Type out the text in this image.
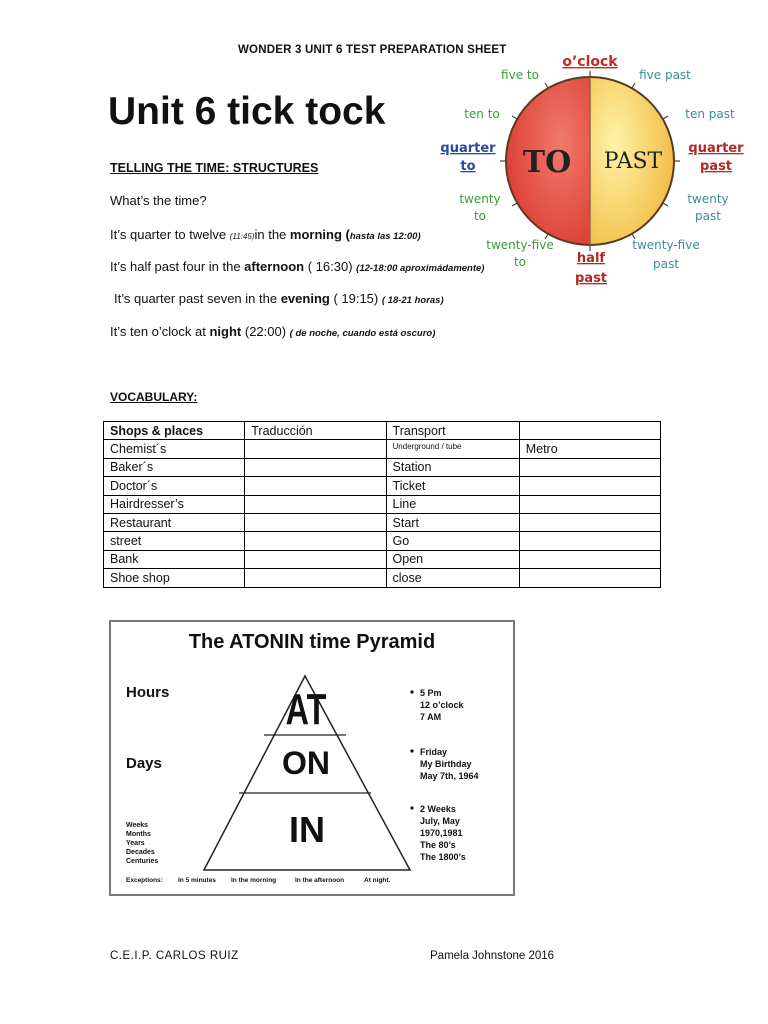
WONDER 3 UNIT 6 TEST PREPARATION SHEET
Unit 6 tick tock
TELLING THE TIME: STRUCTURES
What’s the time?
It’s quarter to twelve (11:45)in the morning (hasta las 12:00)
It’s half past four in the afternoon ( 16:30) (12-18:00 aproximádamente)
It’s quarter past seven in the evening ( 19:15) ( 18-21 horas)
It’s ten o’clock at night (22:00) ( de noche, cuando está oscuro)
TO PAST
o’clock
five to	five past
ten to	ten past
quarter
to
quarter
past
twenty
to
twenty
past
twenty-five
to
twenty-five
past
half
past
VOCABULARY:
Shops & places	Traducción	Transport	
Chemist´s		Underground / tube	Metro
Baker´s		Station	
Doctor´s		Ticket	
Hairdresser’s		Line	
Restaurant		Start	
street		Go	
Bank		Open	
Shoe shop		close	
The ATONIN time Pyramid
AT
ON
IN
Hours
Days
Weeks
Months
Years
Decades
Centuries
5 Pm
12 o’clock
7 AM
Friday
My Birthday
May 7th, 1964
2 Weeks
July, May
1970,1981
The 80’s
The 1800’s
Exceptions: In 5 minutes In the morning	In the afternoon	At night.
C.E.I.P. CARLOS RUIZ	Pamela Johnstone 2016
